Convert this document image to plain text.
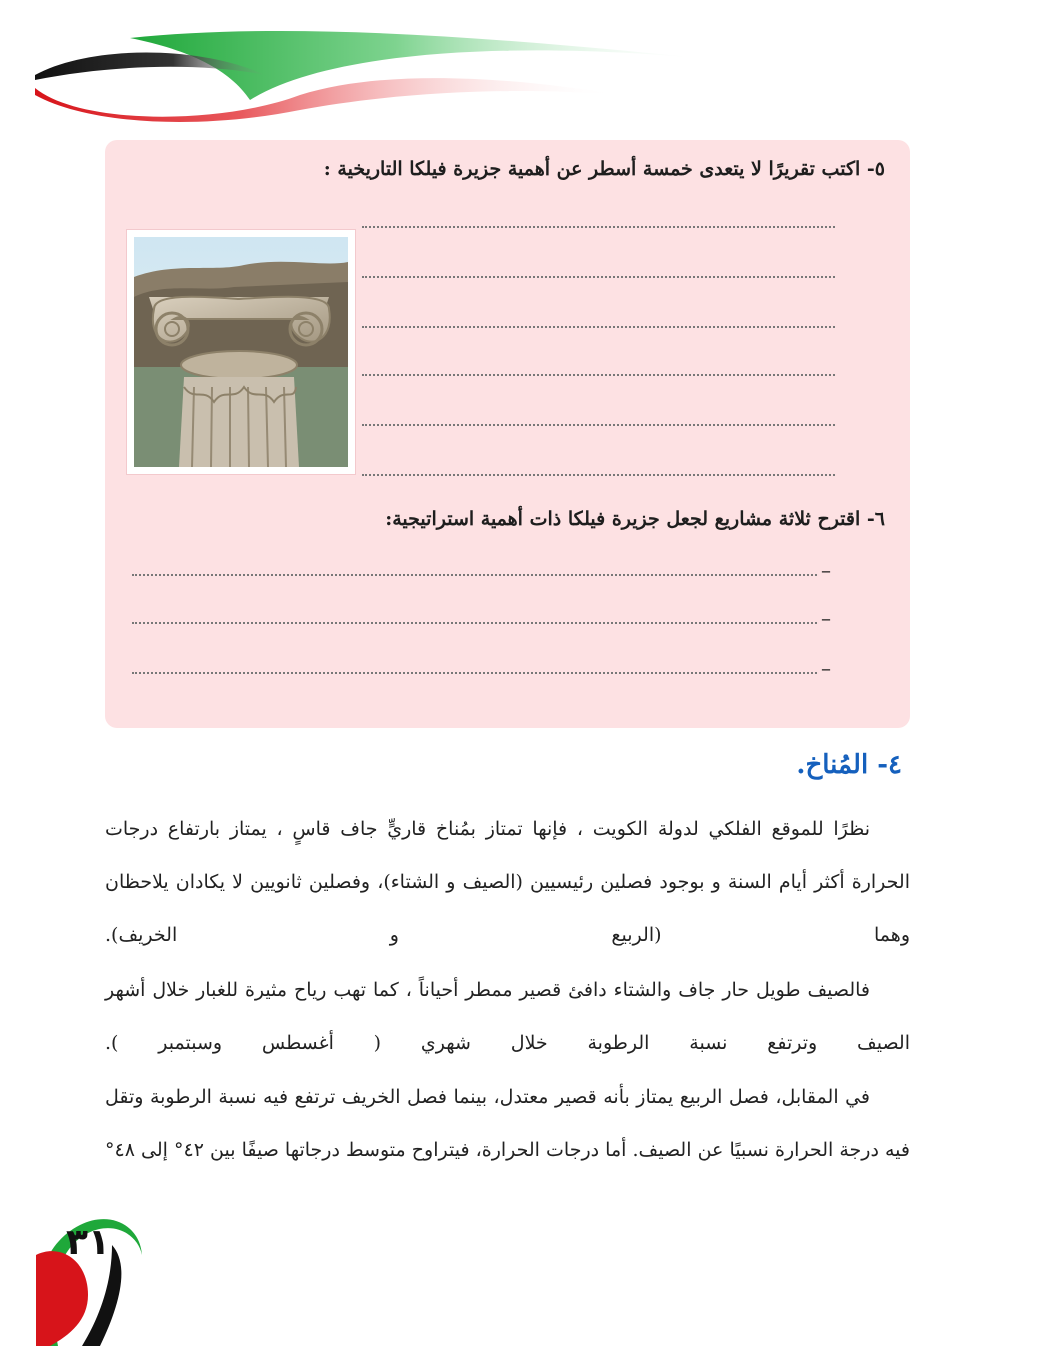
٥- اكتب تقريرًا لا يتعدى خمسة أسطر عن أهمية جزيرة فيلكا التاريخية :
٦- اقترح ثلاثة مشاريع لجعل جزيرة فيلكا ذات أهمية استراتيجية:
–
–
–
٤- المُناخ.
نظرًا للموقع الفلكي لدولة الكويت ، فإنها تمتاز بمُناخ قاريٍّ جاف قاسٍ ، يمتاز بارتفاع درجات الحرارة أكثر أيام السنة و بوجود فصلين رئيسيين (الصيف و الشتاء)، وفصلين ثانويين لا يكادان يلاحظان وهما (الربيع و الخريف).
فالصيف طويل حار جاف والشتاء دافئ قصير ممطر أحياناً ، كما تهب رياح مثيرة للغبار خلال أشهر الصيف وترتفع نسبة الرطوبة خلال شهري ( أغسطس وسبتمبر ).
في المقابل، فصل الربيع يمتاز بأنه قصير معتدل، بينما فصل الخريف ترتفع فيه نسبة الرطوبة وتقل فيه درجة الحرارة نسبيًا عن الصيف. أما درجات الحرارة، فيتراوح متوسط درجاتها صيفًا بين ٤٢° إلى ٤٨°
٣١
